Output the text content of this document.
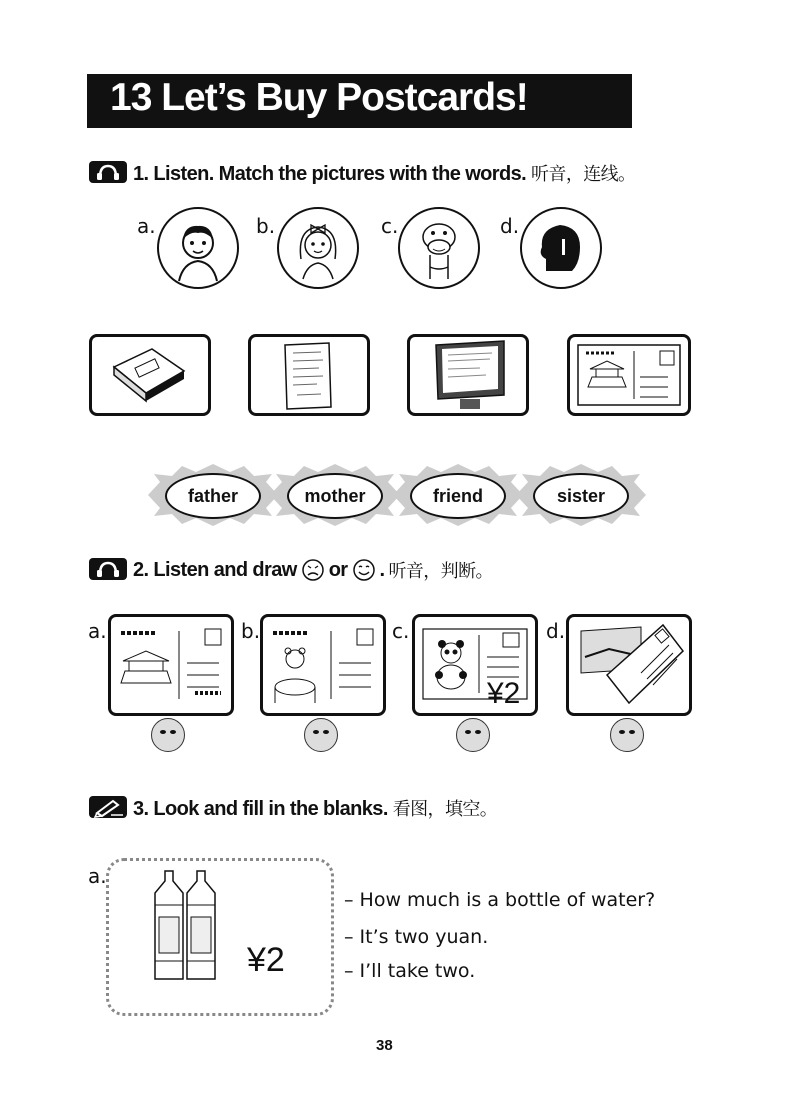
13 Let’s Buy Postcards!
1. Listen. Match the pictures with the words. 听音，连线。
a.	b.	c.	d.
father	mother	friend	sister
2. Listen and draw or . 听音，判断。
a.	b.	c.
¥2
d.
3. Look and fill in the blanks. 看图，填空。
a.
¥2
– How much is a bottle of water?
– It’s two yuan.
– I’ll take two.
38
